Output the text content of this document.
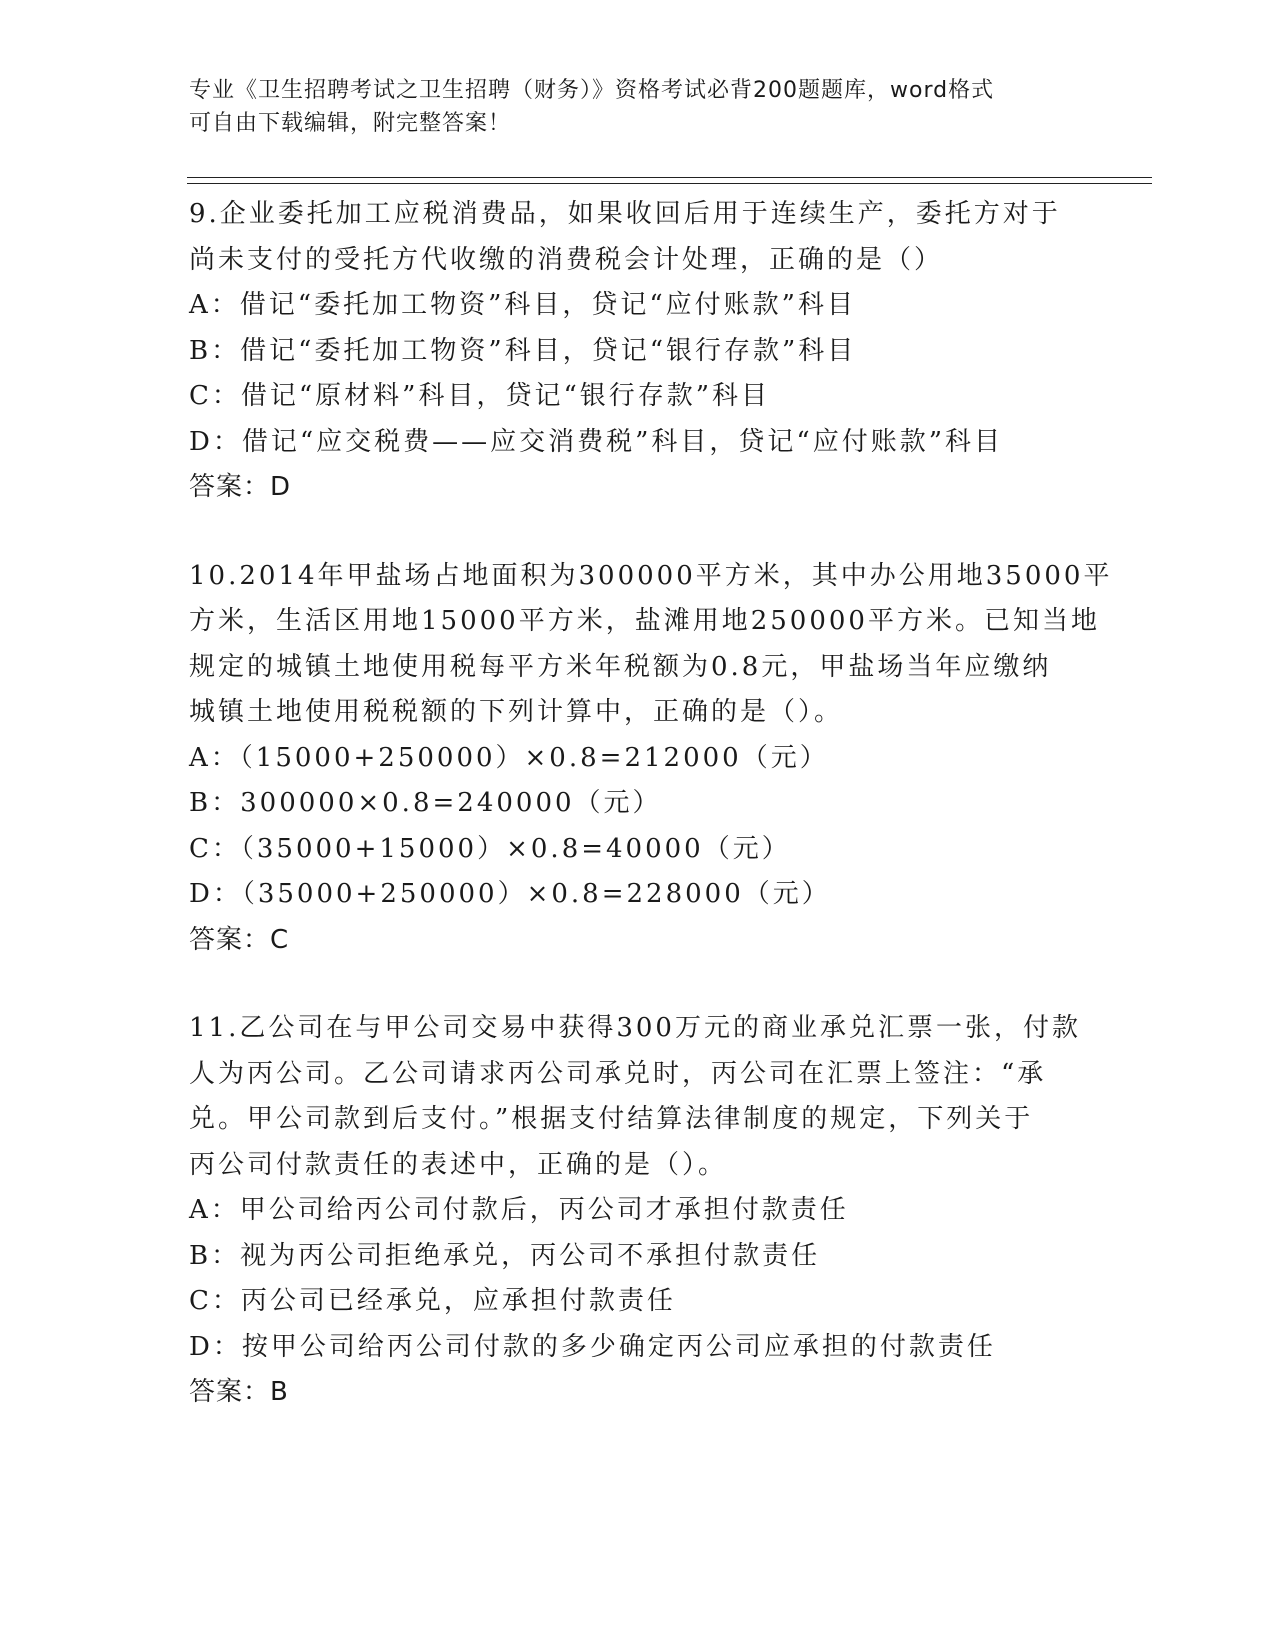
专业《卫生招聘考试之卫生招聘（财务）》资格考试必背200题题库，word格式
可自由下载编辑，附完整答案！
9.企业委托加工应税消费品，如果收回后用于连续生产，委托方对于
尚未支付的受托方代收缴的消费税会计处理，正确的是（）
A：借记“委托加工物资”科目，贷记“应付账款”科目
B：借记“委托加工物资”科目，贷记“银行存款”科目
C：借记“原材料”科目，贷记“银行存款”科目
D：借记“应交税费——应交消费税”科目，贷记“应付账款”科目
答案：D
10.2014年甲盐场占地面积为300000平方米，其中办公用地35000平
方米，生活区用地15000平方米，盐滩用地250000平方米。已知当地
规定的城镇土地使用税每平方米年税额为0.8元，甲盐场当年应缴纳
城镇土地使用税税额的下列计算中，正确的是（）。
A：（15000+250000）×0.8=212000（元）
B：300000×0.8=240000（元）
C：（35000+15000）×0.8=40000（元）
D：（35000+250000）×0.8=228000（元）
答案：C
11.乙公司在与甲公司交易中获得300万元的商业承兑汇票一张，付款
人为丙公司。乙公司请求丙公司承兑时，丙公司在汇票上签注：“承
兑。甲公司款到后支付。”根据支付结算法律制度的规定，下列关于
丙公司付款责任的表述中，正确的是（）。
A：甲公司给丙公司付款后，丙公司才承担付款责任
B：视为丙公司拒绝承兑，丙公司不承担付款责任
C：丙公司已经承兑，应承担付款责任
D：按甲公司给丙公司付款的多少确定丙公司应承担的付款责任
答案：B
